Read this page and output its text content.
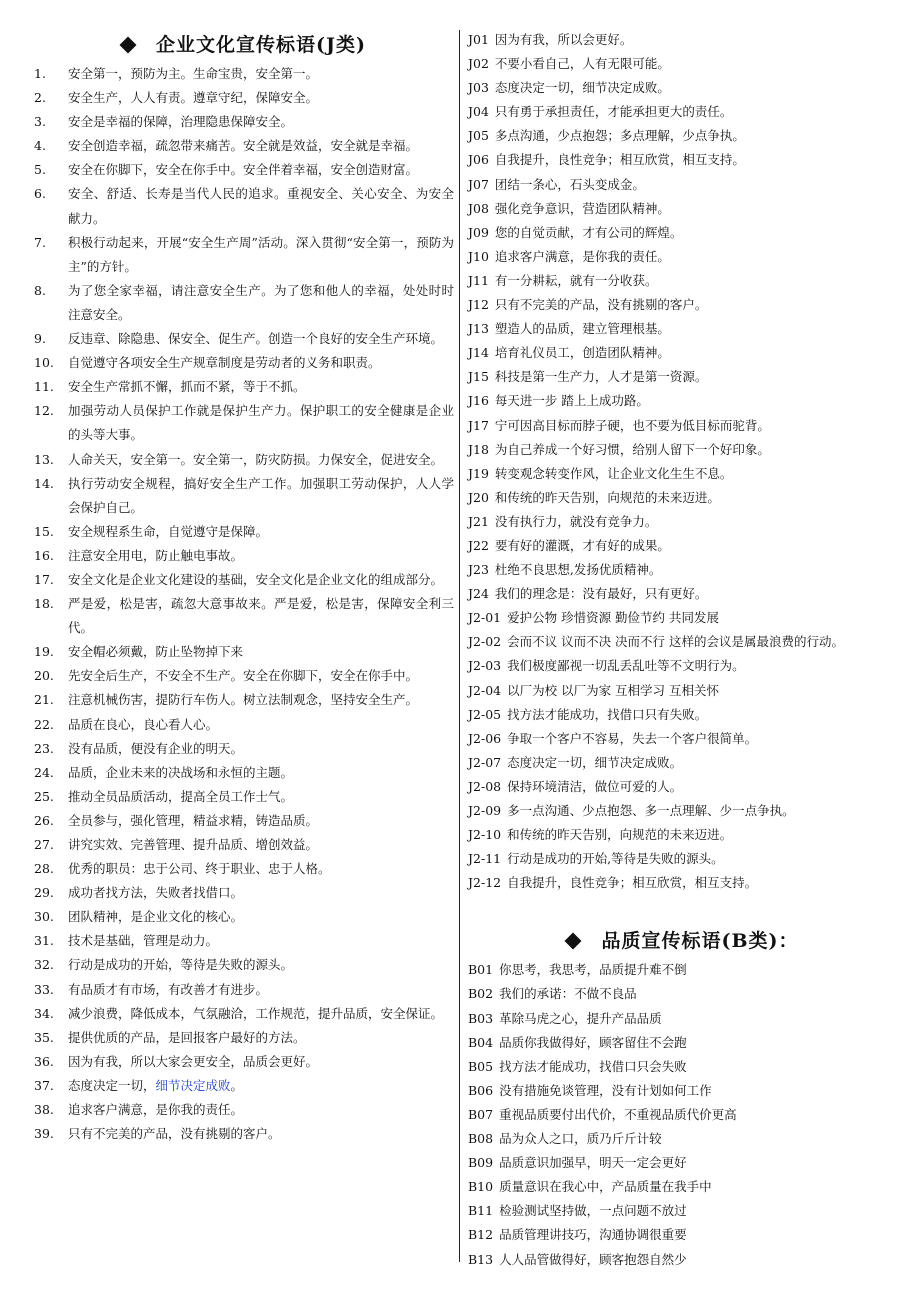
企业文化宣传标语(J类)
1.	安全第一，预防为主。生命宝贵，安全第一。
2.	安全生产，人人有责。遵章守纪，保障安全。
3.	安全是幸福的保障，治理隐患保障安全。
4.	安全创造幸福，疏忽带来痛苦。安全就是效益，安全就是幸福。
5.	安全在你脚下，安全在你手中。安全伴着幸福，安全创造财富。
6.	安全、舒适、长寿是当代人民的追求。重视安全、关心安全、为安全献力。
7.	积极行动起来，开展“安全生产周”活动。深入贯彻“安全第一，预防为主”的方针。
8.	为了您全家幸福，请注意安全生产。为了您和他人的幸福，处处时时注意安全。
9.	反违章、除隐患、保安全、促生产。创造一个良好的安全生产环境。
10.	自觉遵守各项安全生产规章制度是劳动者的义务和职责。
11.	安全生产常抓不懈，抓而不紧，等于不抓。
12.	加强劳动人员保护工作就是保护生产力。保护职工的安全健康是企业的头等大事。
13.	人命关天，安全第一。安全第一，防灾防损。力保安全，促进安全。
14.	执行劳动安全规程，搞好安全生产工作。加强职工劳动保护，人人学会保护自己。
15.	安全规程系生命，自觉遵守是保障。
16.	注意安全用电，防止触电事故。
17.	安全文化是企业文化建设的基础，安全文化是企业文化的组成部分。
18.	严是爱，松是害，疏忽大意事故来。严是爱，松是害，保障安全利三代。
19.	安全帽必须戴，防止坠物掉下来
20.	先安全后生产，不安全不生产。安全在你脚下，安全在你手中。
21.	注意机械伤害，提防行车伤人。树立法制观念，坚持安全生产。
22.	品质在良心，良心看人心。
23.	没有品质，便没有企业的明天。
24.	品质，企业未来的决战场和永恒的主题。
25.	推动全员品质活动，提高全员工作士气。
26.	全员参与，强化管理，精益求精，铸造品质。
27.	讲究实效、完善管理、提升品质、增创效益。
28.	优秀的职员：忠于公司、终于职业、忠于人格。
29.	成功者找方法，失败者找借口。
30.	团队精神，是企业文化的核心。
31.	技术是基础，管理是动力。
32.	行动是成功的开始，等待是失败的源头。
33.	有品质才有市场，有改善才有进步。
34.	减少浪费，降低成本，气氛融洽，工作规范，提升品质，安全保证。
35.	提供优质的产品，是回报客户最好的方法。
36.	因为有我，所以大家会更安全，品质会更好。
37.	态度决定一切，细节决定成败。
38.	追求客户满意，是你我的责任。
39.	只有不完美的产品，没有挑剔的客户。
J01 因为有我，所以会更好。
J02 不要小看自己，人有无限可能。
J03 态度决定一切，细节决定成败。
J04 只有勇于承担责任，才能承担更大的责任。
J05 多点沟通，少点抱怨；多点理解，少点争执。
J06 自我提升，良性竞争；相互欣赏，相互支持。
J07 团结一条心，石头变成金。
J08 强化竞争意识，营造团队精神。
J09 您的自觉贡献，才有公司的辉煌。
J10 追求客户满意，是你我的责任。
J11 有一分耕耘，就有一分收获。
J12 只有不完美的产品，没有挑剔的客户。
J13 塑造人的品质，建立管理根基。
J14 培育礼仪员工，创造团队精神。
J15 科技是第一生产力，人才是第一资源。
J16 每天进一步 踏上上成功路。
J17 宁可因高目标而脖子硬，也不要为低目标而驼背。
J18 为自己养成一个好习惯，给别人留下一个好印象。
J19 转变观念转变作风，让企业文化生生不息。
J20 和传统的昨天告别，向规范的未来迈进。
J21 没有执行力，就没有竞争力。
J22 要有好的灌溉，才有好的成果。
J23 杜绝不良思想,发扬优质精神。
J24 我们的理念是：没有最好，只有更好。
J2-01 爱护公物 珍惜资源 勤俭节约 共同发展
J2-02 会而不议 议而不决 决而不行 这样的会议是属最浪费的行动。
J2-03 我们极度鄙视一切乱丢乱吐等不文明行为。
J2-04 以厂为校 以厂为家 互相学习 互相关怀
J2-05 找方法才能成功，找借口只有失败。
J2-06 争取一个客户不容易，失去一个客户很简单。
J2-07 态度决定一切，细节决定成败。
J2-08 保持环境清洁，做位可爱的人。
J2-09 多一点沟通、少点抱怨、多一点理解、少一点争执。
J2-10 和传统的昨天告别，向规范的未来迈进。
J2-11 行动是成功的开始,等待是失败的源头。
J2-12 自我提升，良性竞争；相互欣赏，相互支持。
品质宣传标语(B类)：
B01 你思考，我思考，品质提升难不倒
B02 我们的承诺：不做不良品
B03 革除马虎之心，提升产品品质
B04 品质你我做得好，顾客留住不会跑
B05 找方法才能成功，找借口只会失败
B06 没有措施免谈管理，没有计划如何工作
B07 重视品质要付出代价，不重视品质代价更高
B08 品为众人之口，质乃斤斤计较
B09 品质意识加强早，明天一定会更好
B10 质量意识在我心中，产品质量在我手中
B11 检验测试坚持做，一点问题不放过
B12 品质管理讲技巧，沟通协调很重要
B13 人人品管做得好，顾客抱怨自然少
